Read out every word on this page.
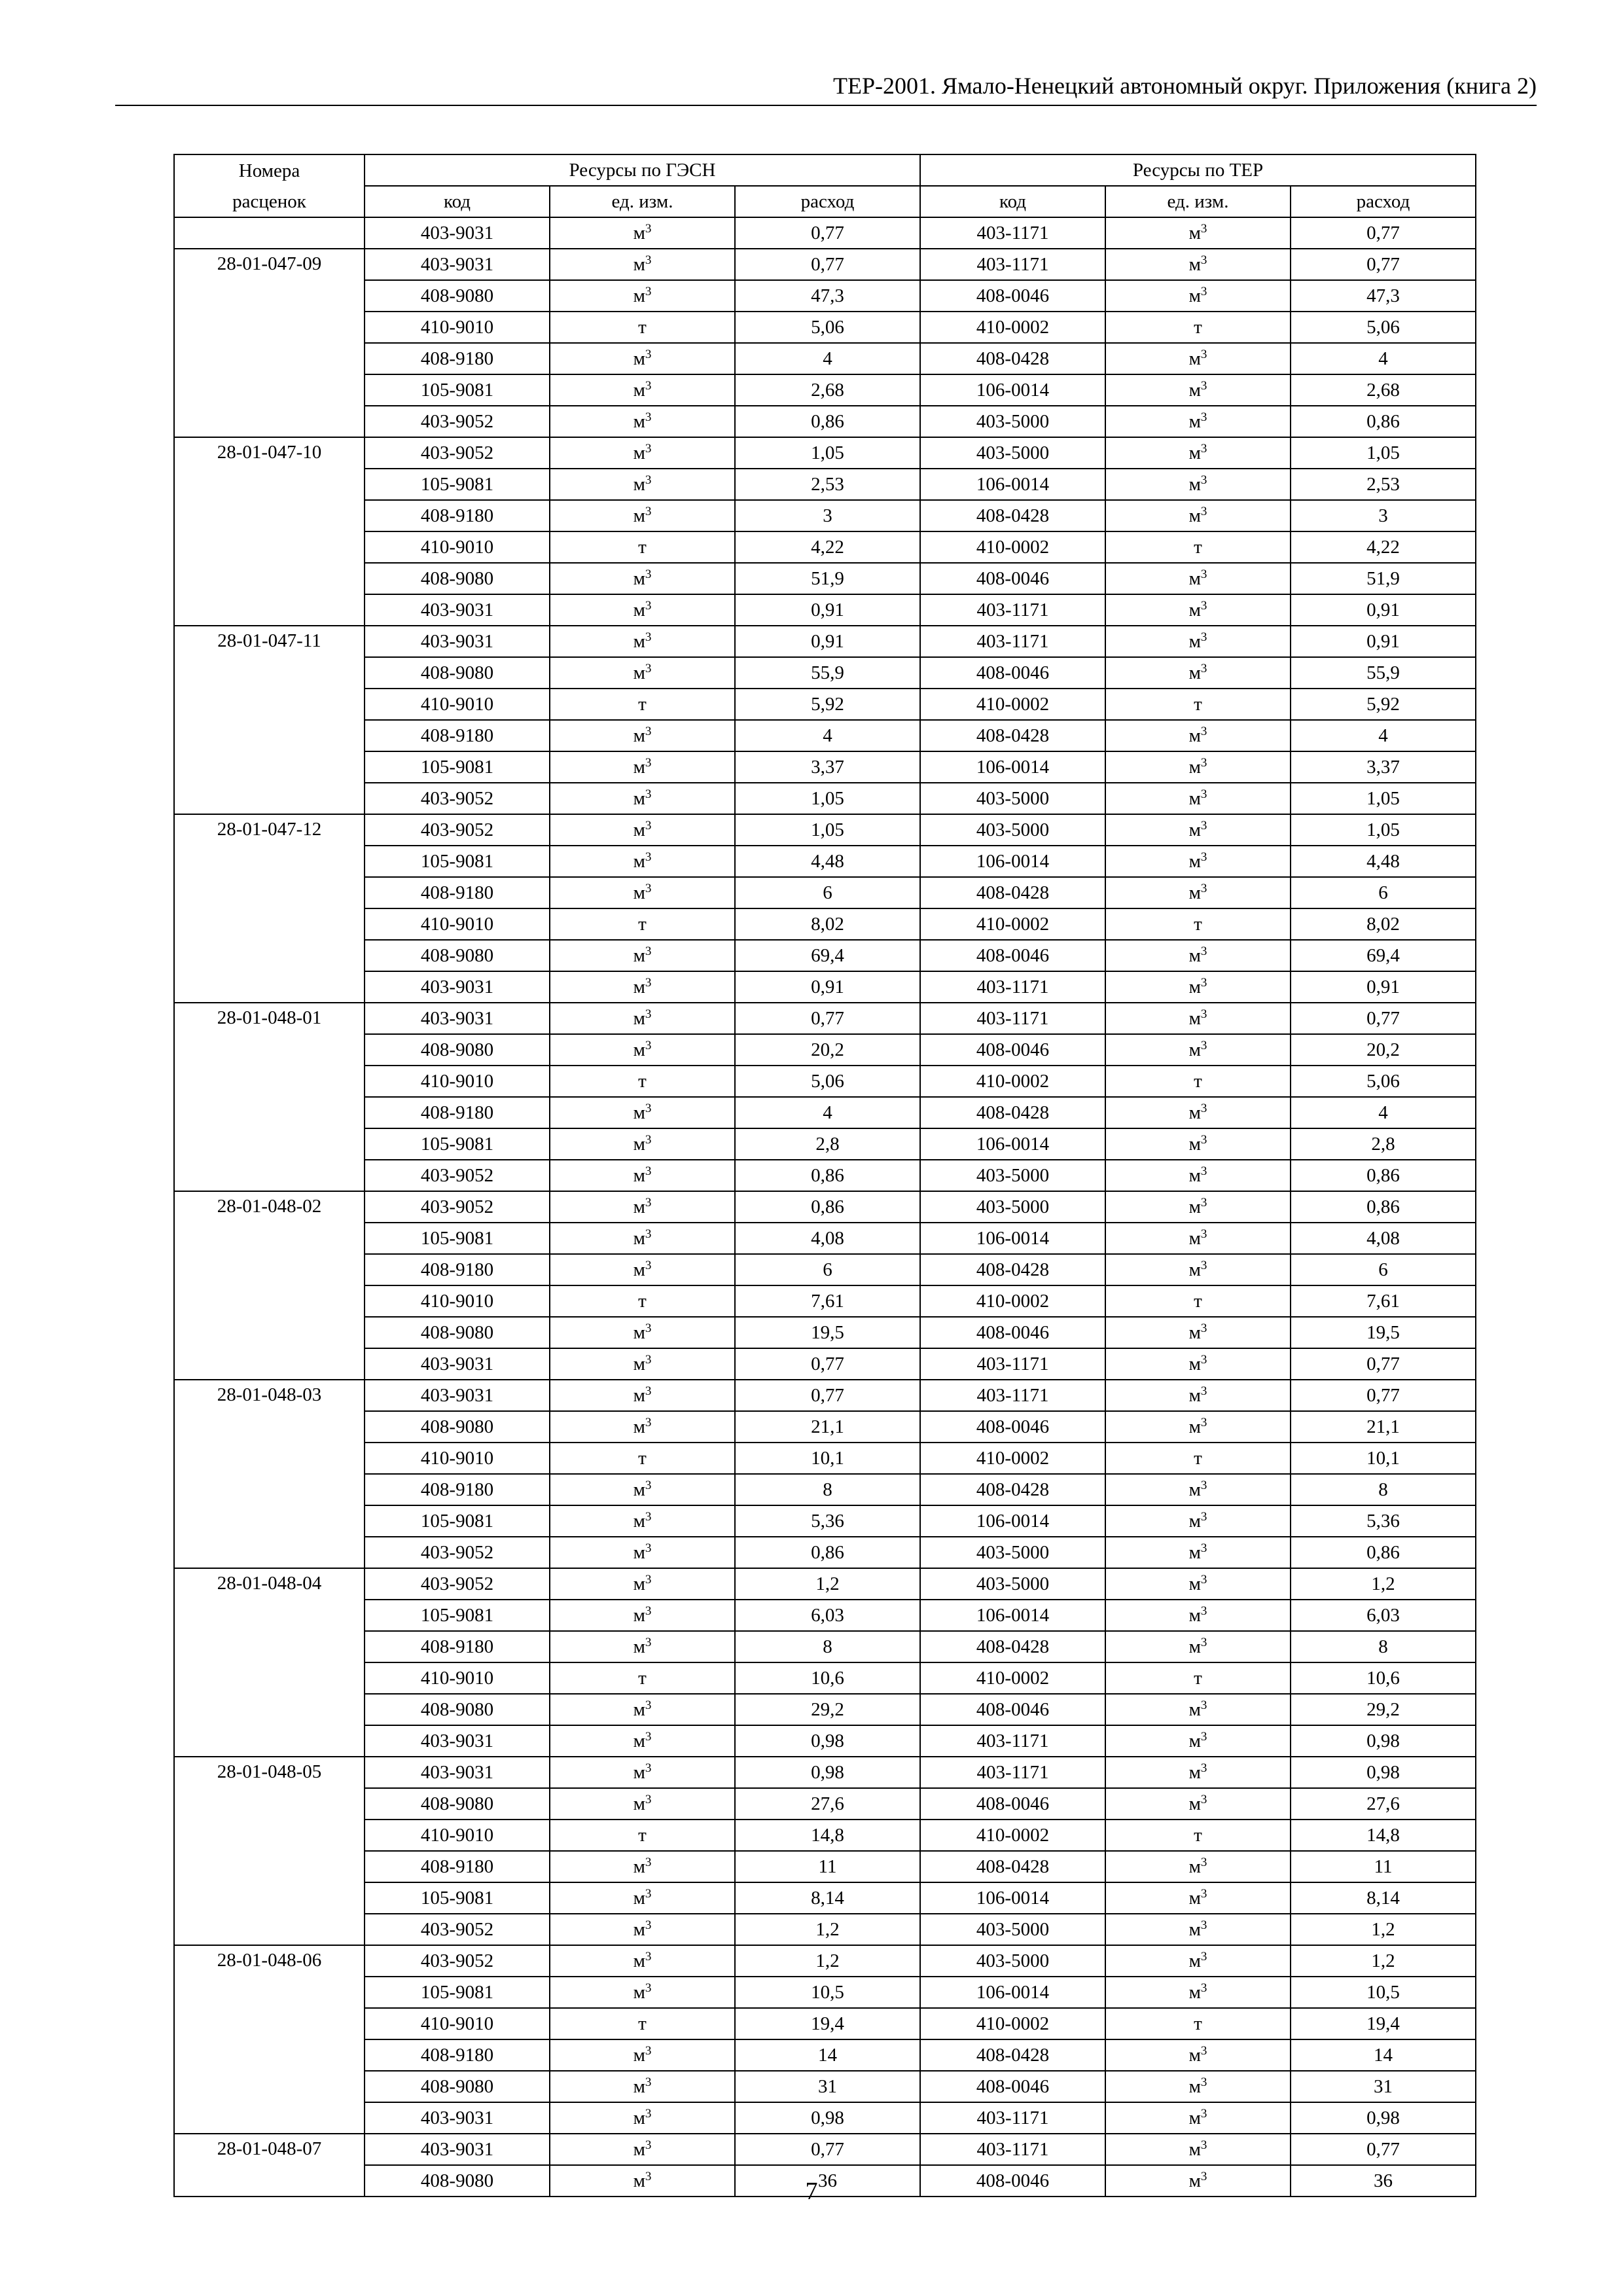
ТЕР-2001. Ямало-Ненецкий автономный округ. Приложения (книга 2)
Номера	Ресурсы по ГЭСН			Ресурсы по ТЕР		
расценок	код	ед. изм.	расход	код	ед. изм.	расход
	403-9031	$м^3$	0,77	403-1171	$м^3$	0,77
28-01-047-09	403-9031	$м^3$	0,77	403-1171	$м^3$	0,77
	408-9080	$м^3$	47,3	408-0046	$м^3$	47,3
	410-9010	т	5,06	410-0002	т	5,06
	408-9180	$м^3$	4	408-0428	$м^3$	4
	105-9081	$м^3$	2,68	106-0014	$м^3$	2,68
	403-9052	$м^3$	0,86	403-5000	$м^3$	0,86
28-01-047-10	403-9052	$м^3$	1,05	403-5000	$м^3$	1,05
	105-9081	$м^3$	2,53	106-0014	$м^3$	2,53
	408-9180	$м^3$	3	408-0428	$м^3$	3
	410-9010	т	4,22	410-0002	т	4,22
	408-9080	$м^3$	51,9	408-0046	$м^3$	51,9
	403-9031	$м^3$	0,91	403-1171	$м^3$	0,91
28-01-047-11	403-9031	$м^3$	0,91	403-1171	$м^3$	0,91
	408-9080	$м^3$	55,9	408-0046	$м^3$	55,9
	410-9010	т	5,92	410-0002	т	5,92
	408-9180	$м^3$	4	408-0428	$м^3$	4
	105-9081	$м^3$	3,37	106-0014	$м^3$	3,37
	403-9052	$м^3$	1,05	403-5000	$м^3$	1,05
28-01-047-12	403-9052	$м^3$	1,05	403-5000	$м^3$	1,05
	105-9081	$м^3$	4,48	106-0014	$м^3$	4,48
	408-9180	$м^3$	6	408-0428	$м^3$	6
	410-9010	т	8,02	410-0002	т	8,02
	408-9080	$м^3$	69,4	408-0046	$м^3$	69,4
	403-9031	$м^3$	0,91	403-1171	$м^3$	0,91
28-01-048-01	403-9031	$м^3$	0,77	403-1171	$м^3$	0,77
	408-9080	$м^3$	20,2	408-0046	$м^3$	20,2
	410-9010	т	5,06	410-0002	т	5,06
	408-9180	$м^3$	4	408-0428	$м^3$	4
	105-9081	$м^3$	2,8	106-0014	$м^3$	2,8
	403-9052	$м^3$	0,86	403-5000	$м^3$	0,86
28-01-048-02	403-9052	$м^3$	0,86	403-5000	$м^3$	0,86
	105-9081	$м^3$	4,08	106-0014	$м^3$	4,08
	408-9180	$м^3$	6	408-0428	$м^3$	6
	410-9010	т	7,61	410-0002	т	7,61
	408-9080	$м^3$	19,5	408-0046	$м^3$	19,5
	403-9031	$м^3$	0,77	403-1171	$м^3$	0,77
28-01-048-03	403-9031	$м^3$	0,77	403-1171	$м^3$	0,77
	408-9080	$м^3$	21,1	408-0046	$м^3$	21,1
	410-9010	т	10,1	410-0002	т	10,1
	408-9180	$м^3$	8	408-0428	$м^3$	8
	105-9081	$м^3$	5,36	106-0014	$м^3$	5,36
	403-9052	$м^3$	0,86	403-5000	$м^3$	0,86
28-01-048-04	403-9052	$м^3$	1,2	403-5000	$м^3$	1,2
	105-9081	$м^3$	6,03	106-0014	$м^3$	6,03
	408-9180	$м^3$	8	408-0428	$м^3$	8
	410-9010	т	10,6	410-0002	т	10,6
	408-9080	$м^3$	29,2	408-0046	$м^3$	29,2
	403-9031	$м^3$	0,98	403-1171	$м^3$	0,98
28-01-048-05	403-9031	$м^3$	0,98	403-1171	$м^3$	0,98
	408-9080	$м^3$	27,6	408-0046	$м^3$	27,6
	410-9010	т	14,8	410-0002	т	14,8
	408-9180	$м^3$	11	408-0428	$м^3$	11
	105-9081	$м^3$	8,14	106-0014	$м^3$	8,14
	403-9052	$м^3$	1,2	403-5000	$м^3$	1,2
28-01-048-06	403-9052	$м^3$	1,2	403-5000	$м^3$	1,2
	105-9081	$м^3$	10,5	106-0014	$м^3$	10,5
	410-9010	т	19,4	410-0002	т	19,4
	408-9180	$м^3$	14	408-0428	$м^3$	14
	408-9080	$м^3$	31	408-0046	$м^3$	31
	403-9031	$м^3$	0,98	403-1171	$м^3$	0,98
28-01-048-07	403-9031	$м^3$	0,77	403-1171	$м^3$	0,77
	408-9080	$м^3$	36	408-0046	$м^3$	36
7
